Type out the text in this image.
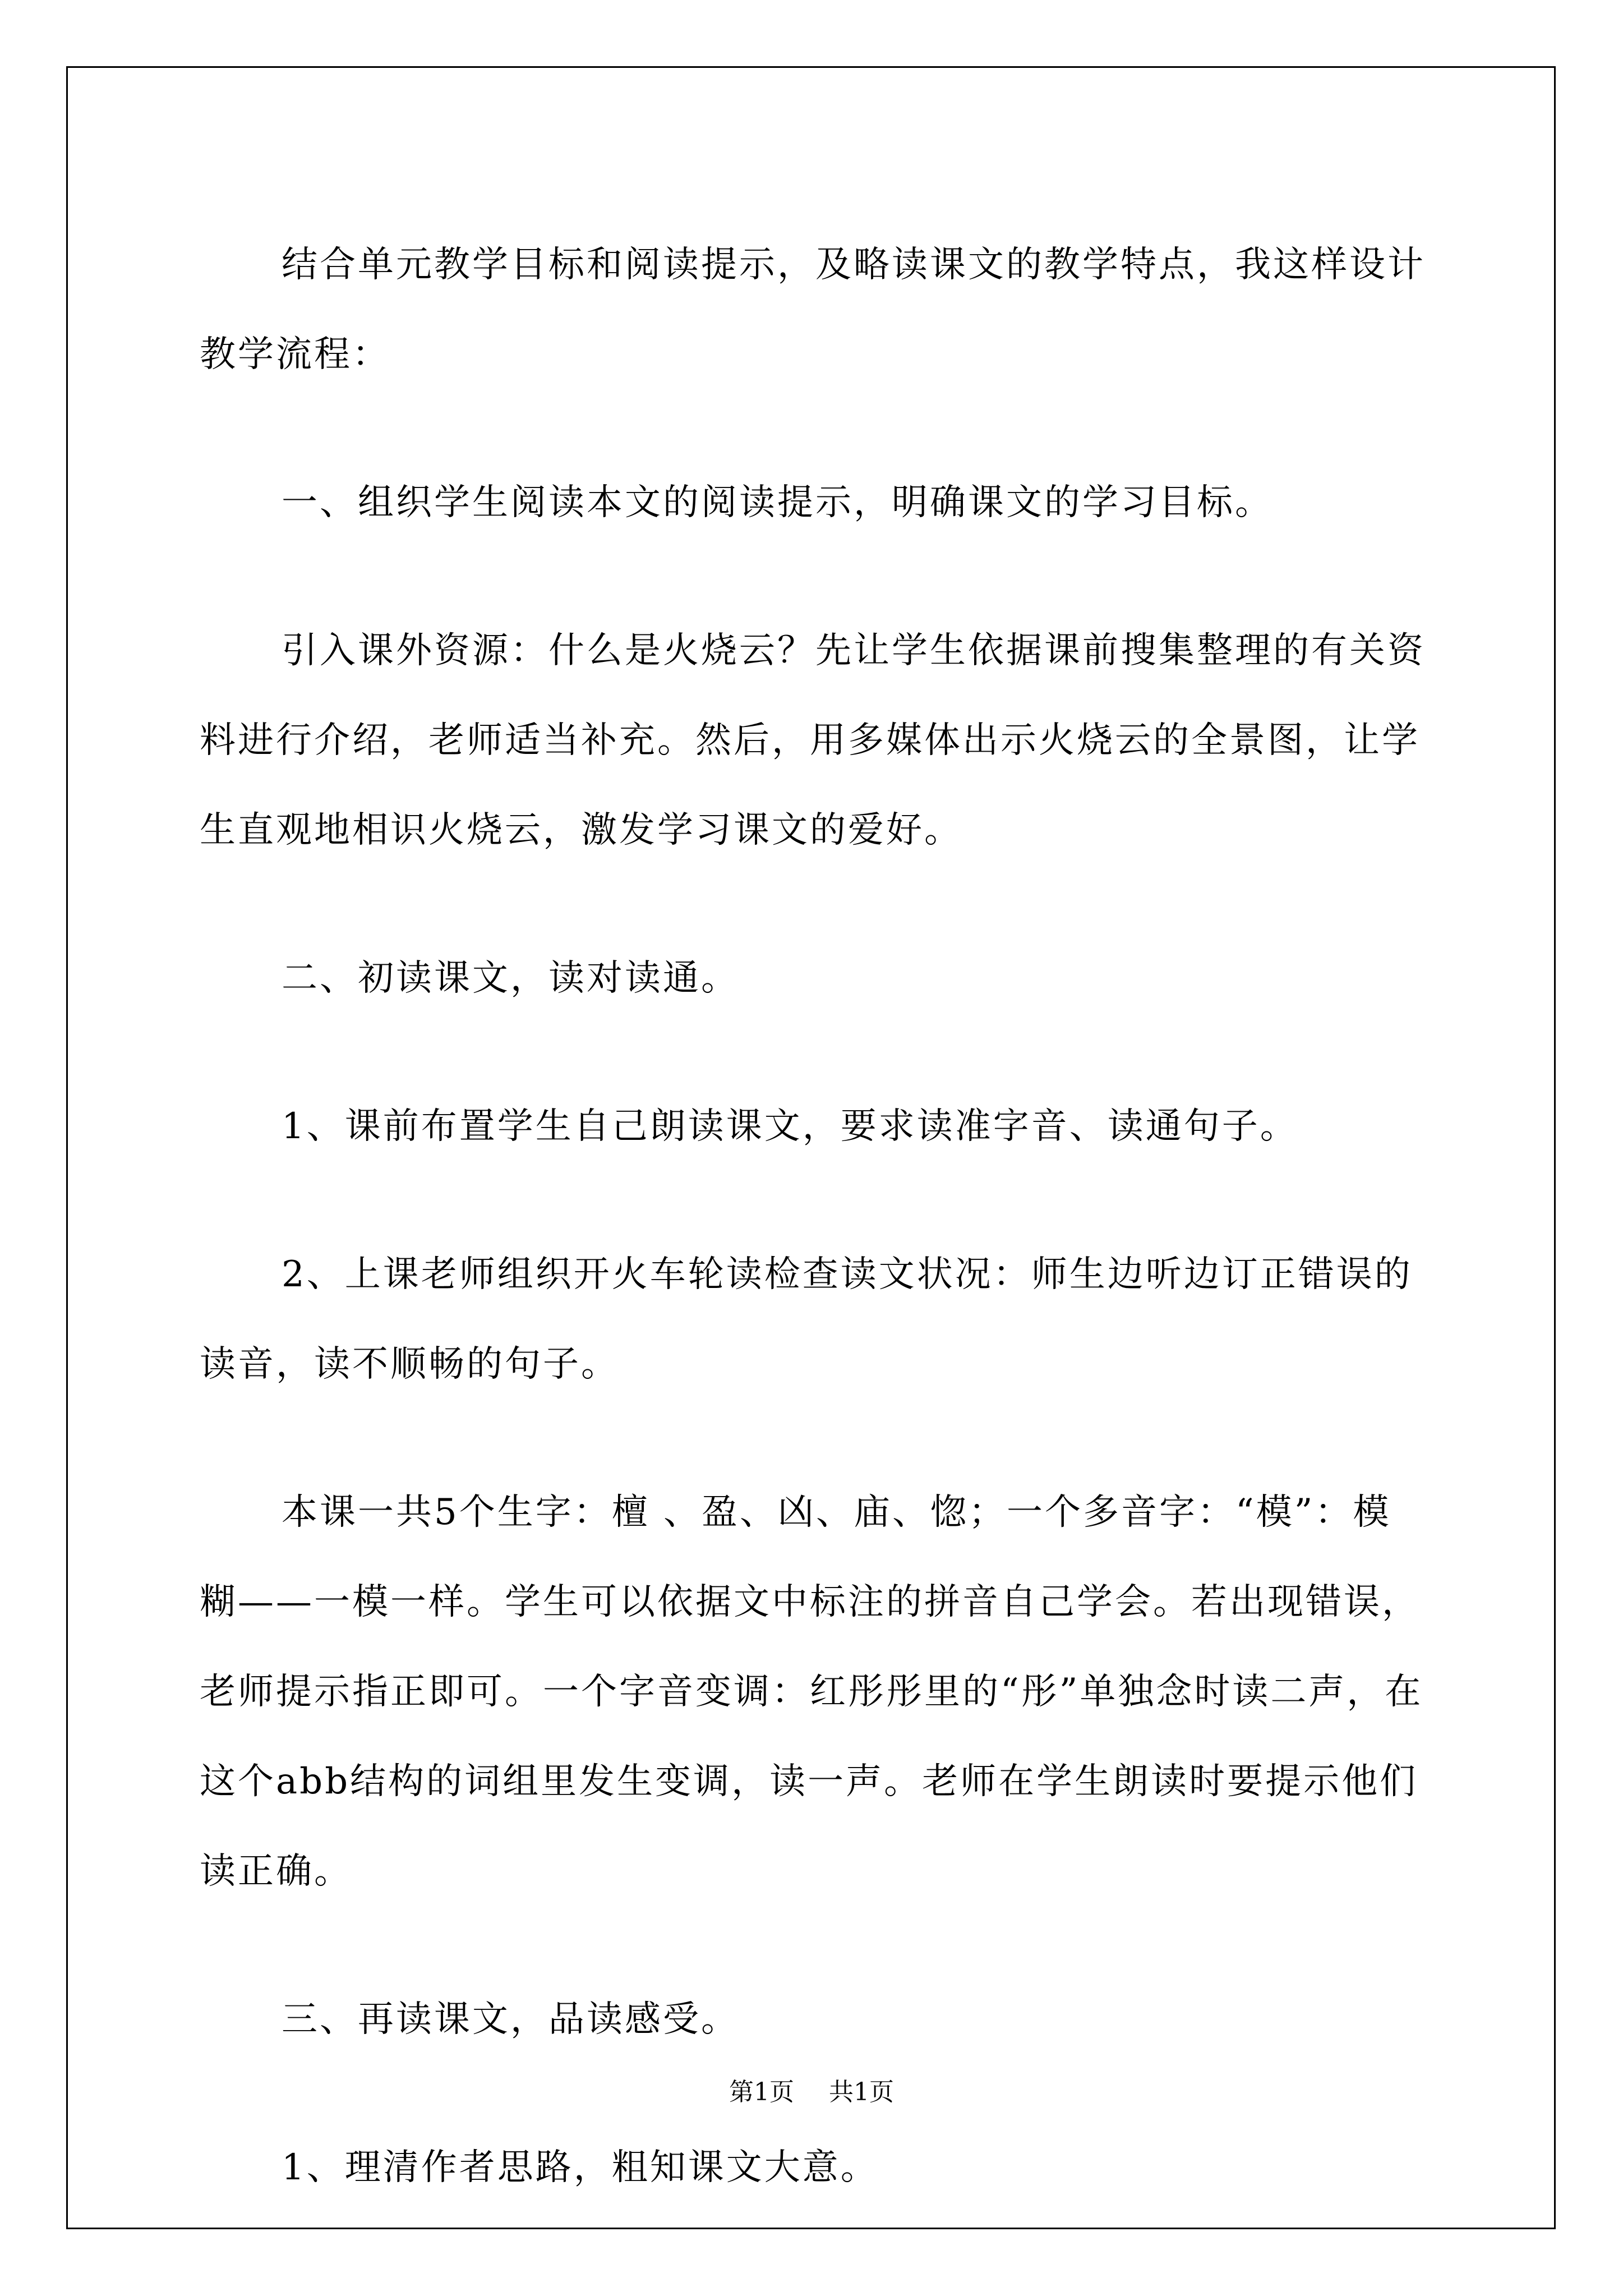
结合单元教学目标和阅读提示，及略读课文的教学特点，我这样设计教学流程：

一、组织学生阅读本文的阅读提示，明确课文的学习目标。

引入课外资源：什么是火烧云？先让学生依据课前搜集整理的有关资料进行介绍，老师适当补充。然后，用多媒体出示火烧云的全景图，让学生直观地相识火烧云，激发学习课文的爱好。

二、初读课文，读对读通。

1、课前布置学生自己朗读课文，要求读准字音、读通句子。

2、上课老师组织开火车轮读检查读文状况：师生边听边订正错误的读音，读不顺畅的句子。

本课一共5个生字：檀 、盈、凶、庙、惚；一个多音字：“模”：模糊——一模一样。学生可以依据文中标注的拼音自己学会。若出现错误，老师提示指正即可。一个字音变调：红彤彤里的“彤”单独念时读二声，在这个abb结构的词组里发生变调，读一声。老师在学生朗读时要提示他们读正确。

三、再读课文，品读感受。

1、理清作者思路，粗知课文大意。

第1页 共1页
